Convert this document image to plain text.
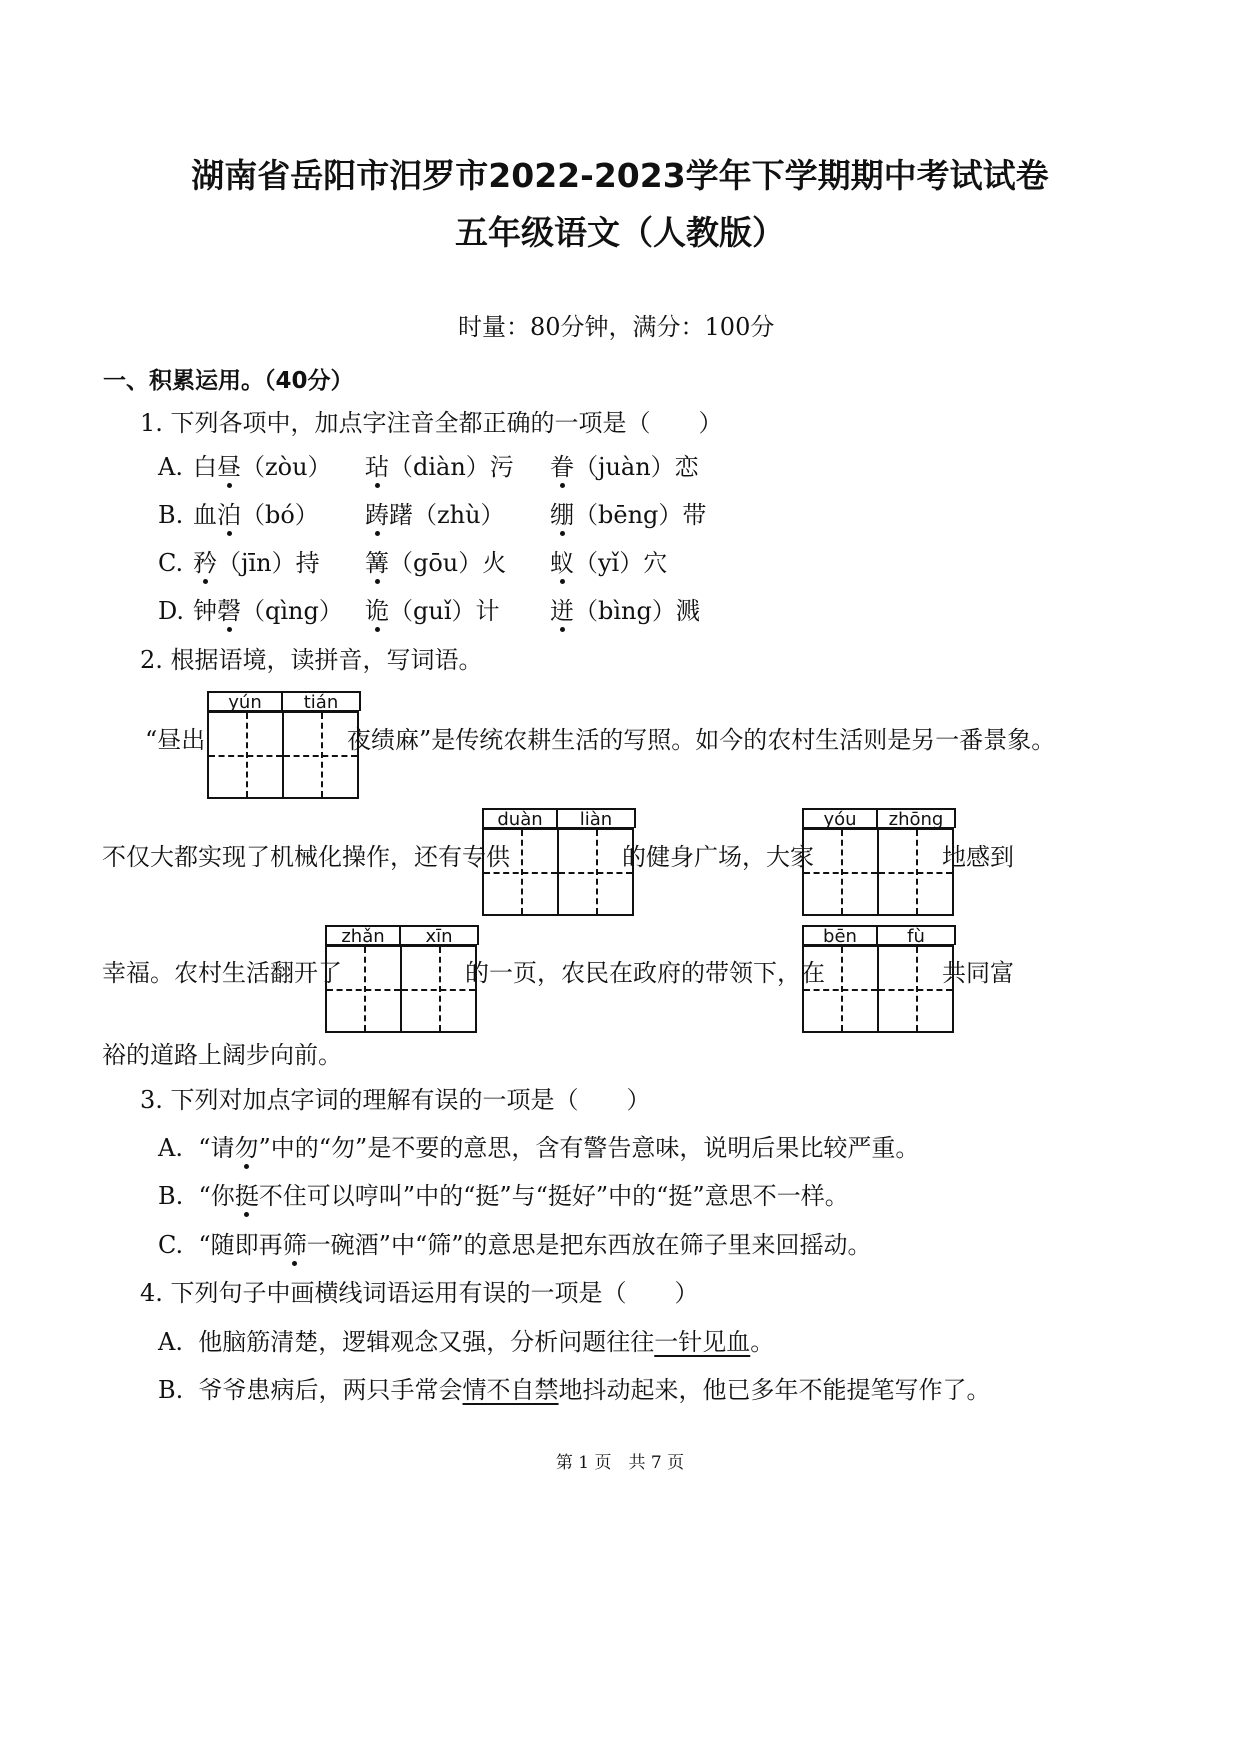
湖南省岳阳市汨罗市2022-2023学年下学期期中考试试卷
五年级语文（人教版）
时量：80分钟，满分：100分
一、积累运用。（40分）
1. 下列各项中，加点字注音全都正确的一项是（　　）
A. 白昼（zòu） 玷（diàn）污 眷（juàn）恋
B. 血泊（bó） 踌躇（zhù） 绷（bēng）带
C. 矜（jīn）持 篝（gōu）火 蚁（yǐ）穴
D. 钟磬（qìng） 诡（guǐ）计 迸（bìng）溅
2. 根据语境，读拼音，写词语。
“昼出	夜绩麻”是传统农耕生活的写照。如今的农村生活则是另一番景象。
不仅大都实现了机械化操作，还有专供	的健身广场，大家	地感到
幸福。农村生活翻开了	的一页，农民在政府的带领下，在	共同富
裕的道路上阔步向前。
yún	tián
duàn	liàn	yóu	zhōng
zhǎn	xīn	bēn	fù
3. 下列对加点字词的理解有误的一项是（　　）
A. “请勿”中的“勿”是不要的意思，含有警告意味，说明后果比较严重。
B. “你挺不住可以哼叫”中的“挺”与“挺好”中的“挺”意思不一样。
C. “随即再筛一碗酒”中“筛”的意思是把东西放在筛子里来回摇动。
4. 下列句子中画横线词语运用有误的一项是（　　）
A. 他脑筋清楚，逻辑观念又强，分析问题往往一针见血。
B. 爷爷患病后，两只手常会情不自禁地抖动起来，他已多年不能提笔写作了。
第 1 页　共 7 页
